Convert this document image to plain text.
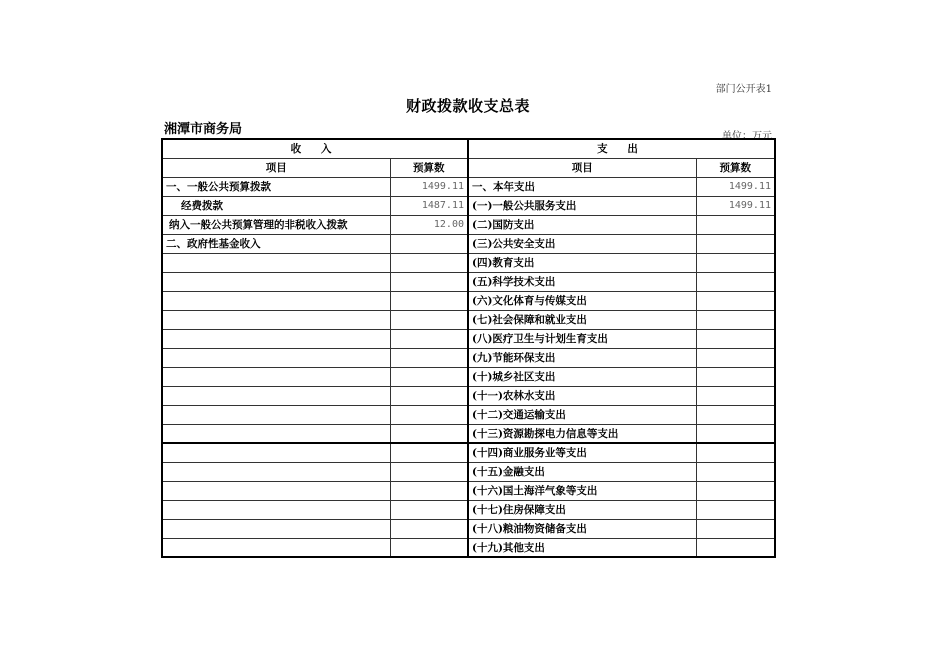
部门公开表1
财政拨款收支总表
湘潭市商务局	单位：万元
收 入		支 出	
项目	预算数	项目	预算数
一、一般公共预算拨款	1499.11	一、本年支出	1499.11
经费拨款	1487.11	(一)一般公共服务支出	1499.11
纳入一般公共预算管理的非税收入拨款	12.00	(二)国防支出	
二、政府性基金收入		(三)公共安全支出	
		(四)教育支出	
		(五)科学技术支出	
		(六)文化体育与传媒支出	
		(七)社会保障和就业支出	
		(八)医疗卫生与计划生育支出	
		(九)节能环保支出	
		(十)城乡社区支出	
		(十一)农林水支出	
		(十二)交通运输支出	
		(十三)资源勘探电力信息等支出	
		(十四)商业服务业等支出	
		(十五)金融支出	
		(十六)国土海洋气象等支出	
		(十七)住房保障支出	
		(十八)粮油物资储备支出	
		(十九)其他支出	
